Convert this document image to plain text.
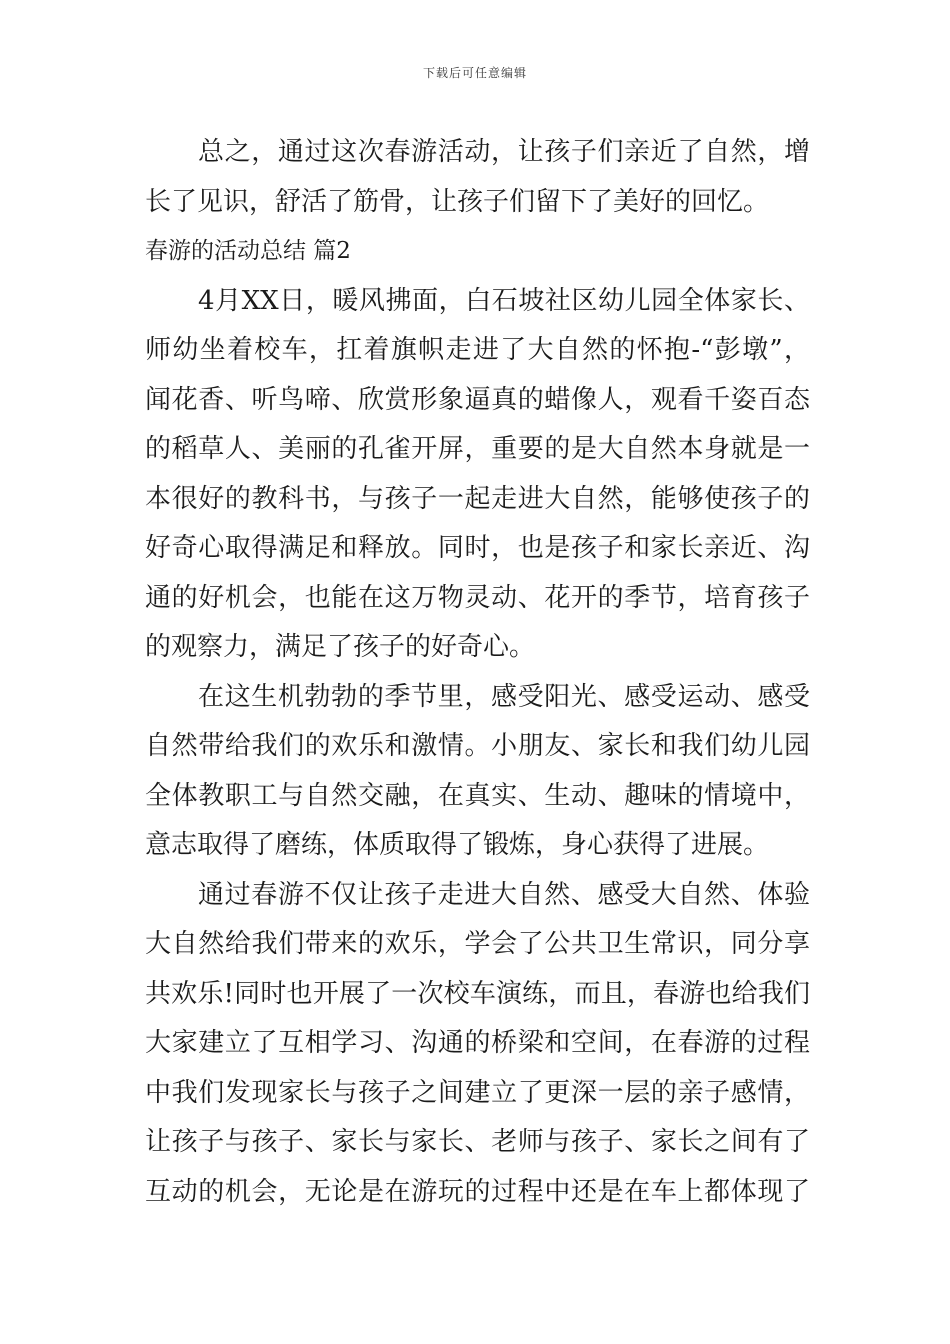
下载后可任意编辑
总之，通过这次春游活动，让孩子们亲近了自然，增
长了见识，舒活了筋骨，让孩子们留下了美好的回忆。
春游的活动总结 篇2
4月XX日，暖风拂面，白石坡社区幼儿园全体家长、
师幼坐着校车，扛着旗帜走进了大自然的怀抱-“彭墩”，
闻花香、听鸟啼、欣赏形象逼真的蜡像人，观看千姿百态
的稻草人、美丽的孔雀开屏，重要的是大自然本身就是一
本很好的教科书，与孩子一起走进大自然，能够使孩子的
好奇心取得满足和释放。同时，也是孩子和家长亲近、沟
通的好机会，也能在这万物灵动、花开的季节，培育孩子
的观察力，满足了孩子的好奇心。
在这生机勃勃的季节里，感受阳光、感受运动、感受
自然带给我们的欢乐和激情。小朋友、家长和我们幼儿园
全体教职工与自然交融，在真实、生动、趣味的情境中，
意志取得了磨练，体质取得了锻炼，身心获得了进展。
通过春游不仅让孩子走进大自然、感受大自然、体验
大自然给我们带来的欢乐，学会了公共卫生常识，同分享
共欢乐!同时也开展了一次校车演练，而且，春游也给我们
大家建立了互相学习、沟通的桥梁和空间，在春游的过程
中我们发现家长与孩子之间建立了更深一层的亲子感情，
让孩子与孩子、家长与家长、老师与孩子、家长之间有了
互动的机会，无论是在游玩的过程中还是在车上都体现了
